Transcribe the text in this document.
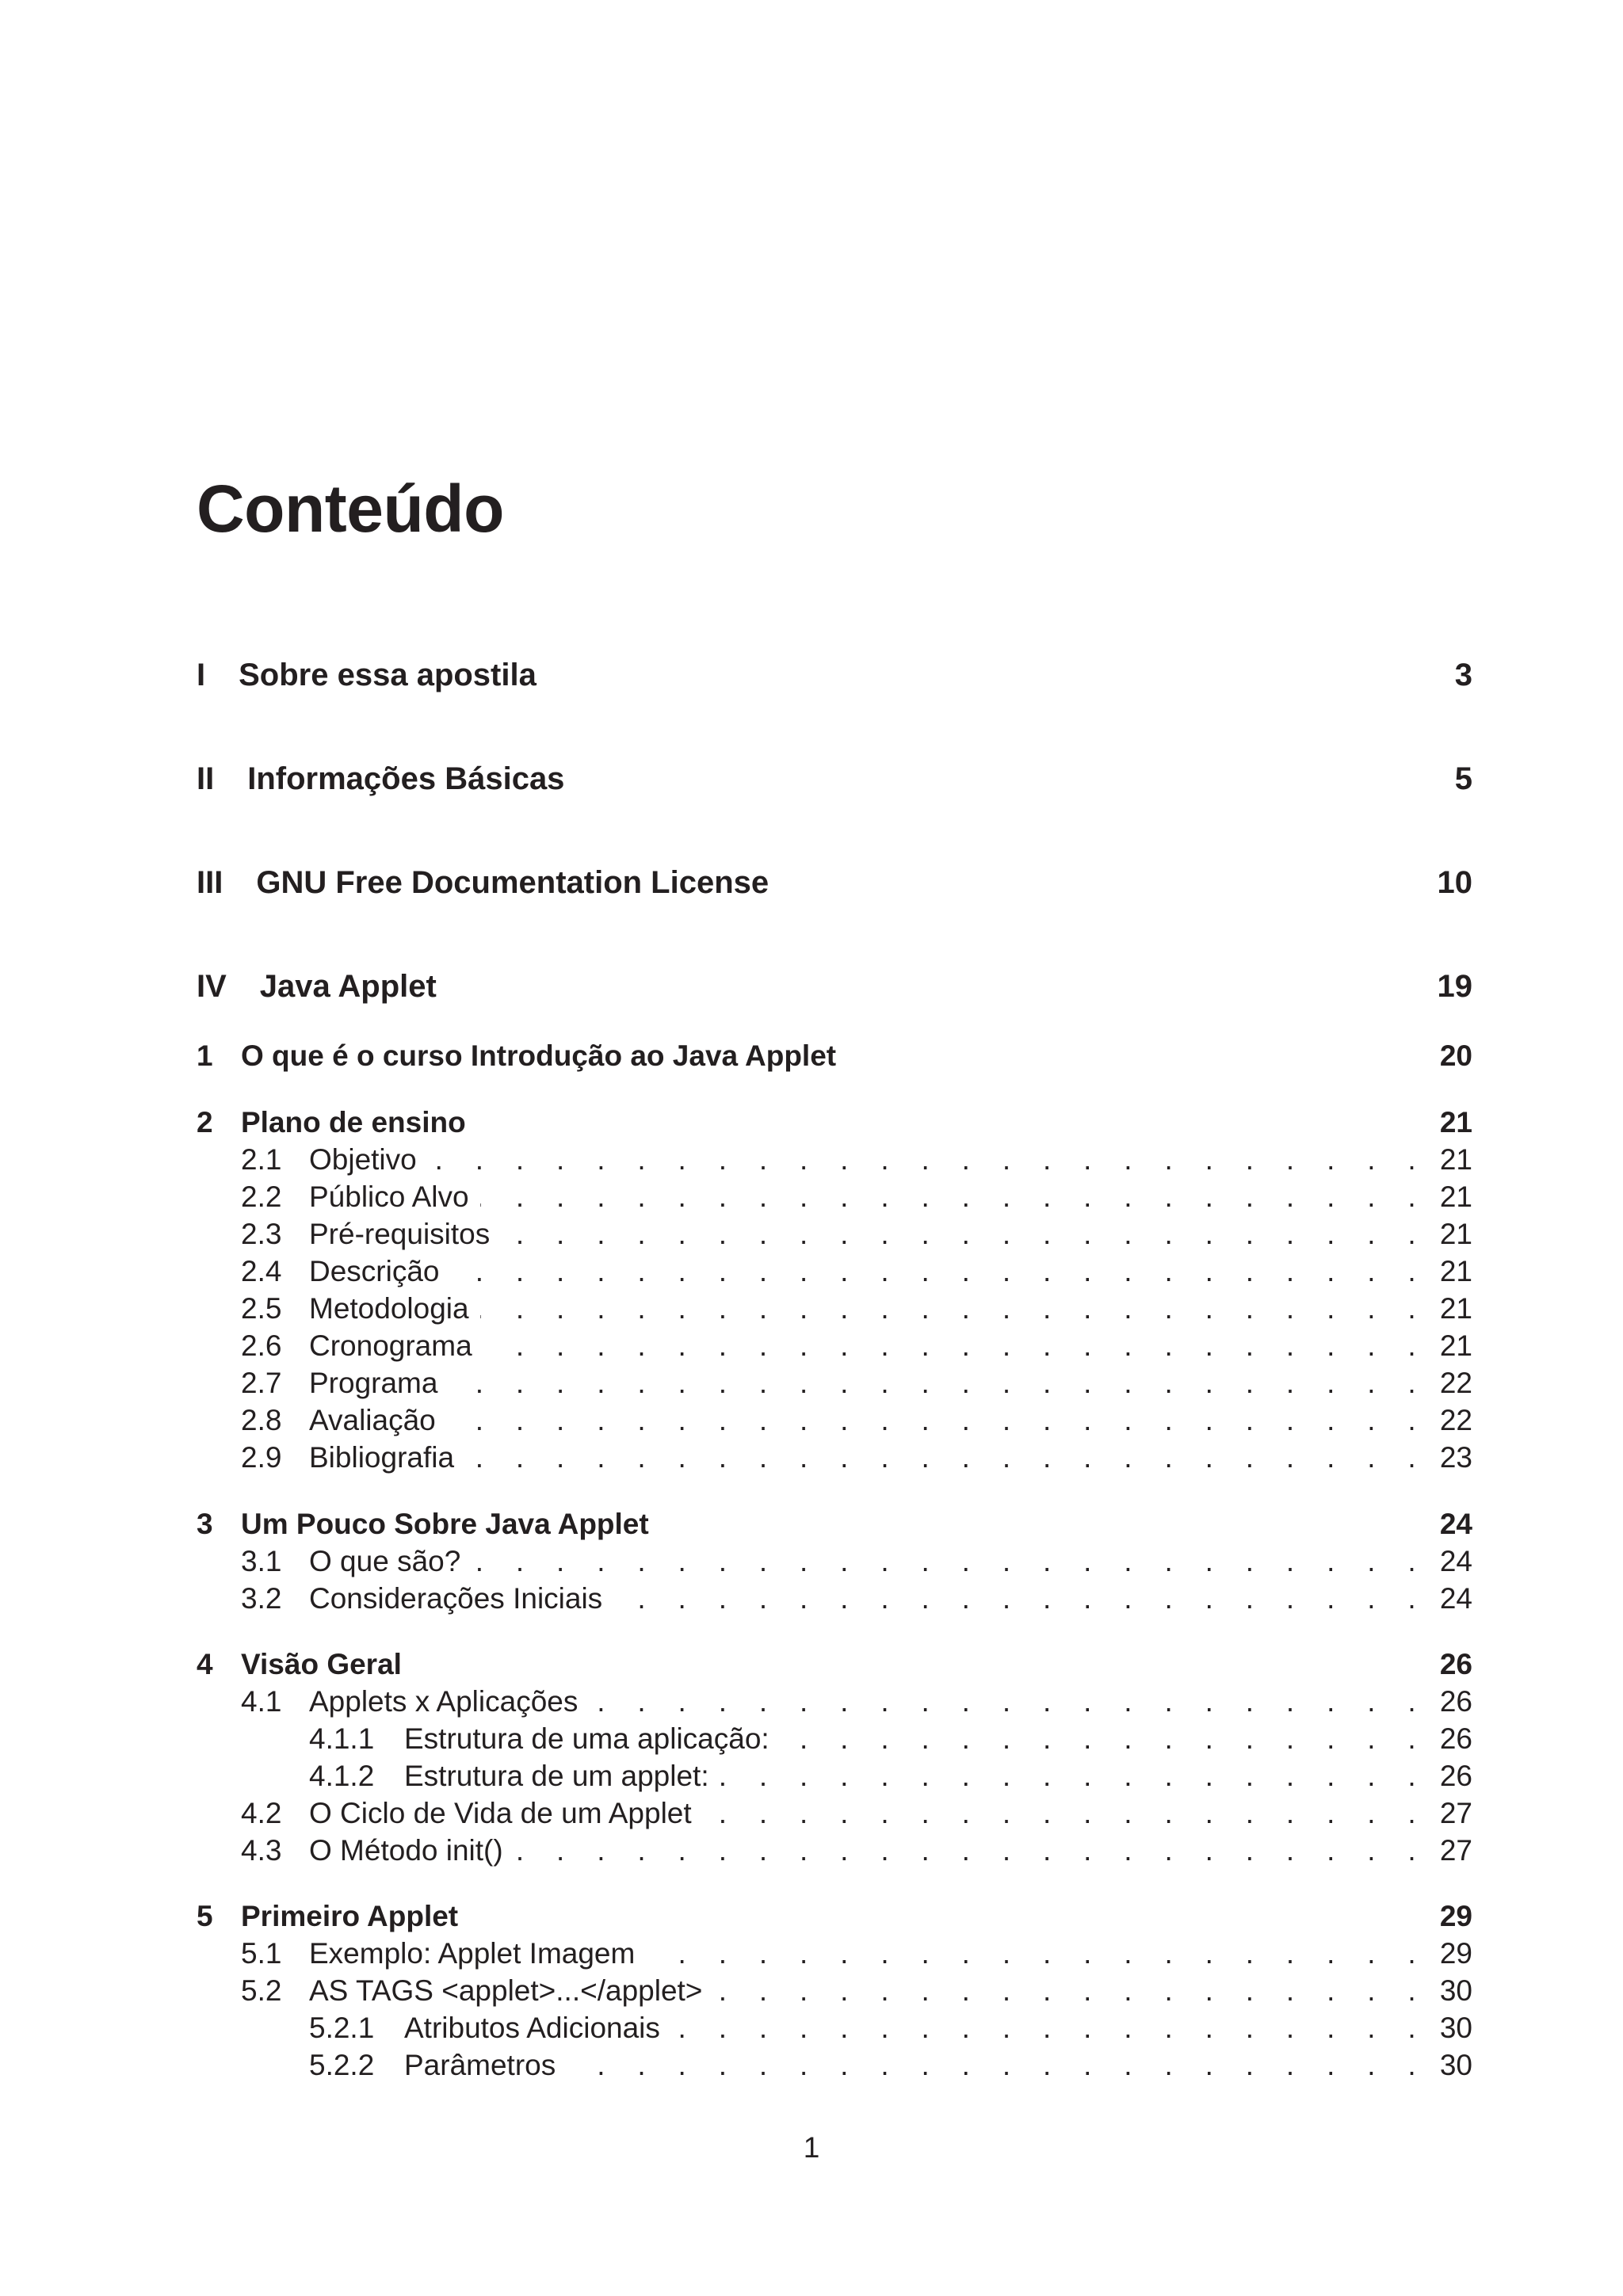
Conteúdo
I Sobre essa apostila	3
II Informações Básicas	5
III GNU Free Documentation License	10
IV Java Applet	19
1 O que é o curso Introdução ao Java Applet	20
2 Plano de ensino	21
2.1 Objetivo . . .	21
2.2 Público Alvo . . .	21
2.3 Pré-requisitos . . .	21
2.4 Descrição . . .	21
2.5 Metodologia . . .	21
2.6 Cronograma . . .	21
2.7 Programa . . .	22
2.8 Avaliação . . .	22
2.9 Bibliografia . . .	23
3 Um Pouco Sobre Java Applet	24
3.1 O que são? . . .	24
3.2 Considerações Iniciais . . .	24
4 Visão Geral	26
4.1 Applets x Aplicações . . .	26
4.1.1	Estrutura de uma aplicação: . . .	26
4.1.2	Estrutura de um applet: . . .	26
4.2 O Ciclo de Vida de um Applet . . .	27
4.3 O Método init() . . .	27
5 Primeiro Applet	29
5.1 Exemplo: Applet Imagem . . .	29
5.2 AS TAGS <applet>...</applet> . . .	30
5.2.1	Atributos Adicionais . . .	30
5.2.2	Parâmetros . . .	30
1
